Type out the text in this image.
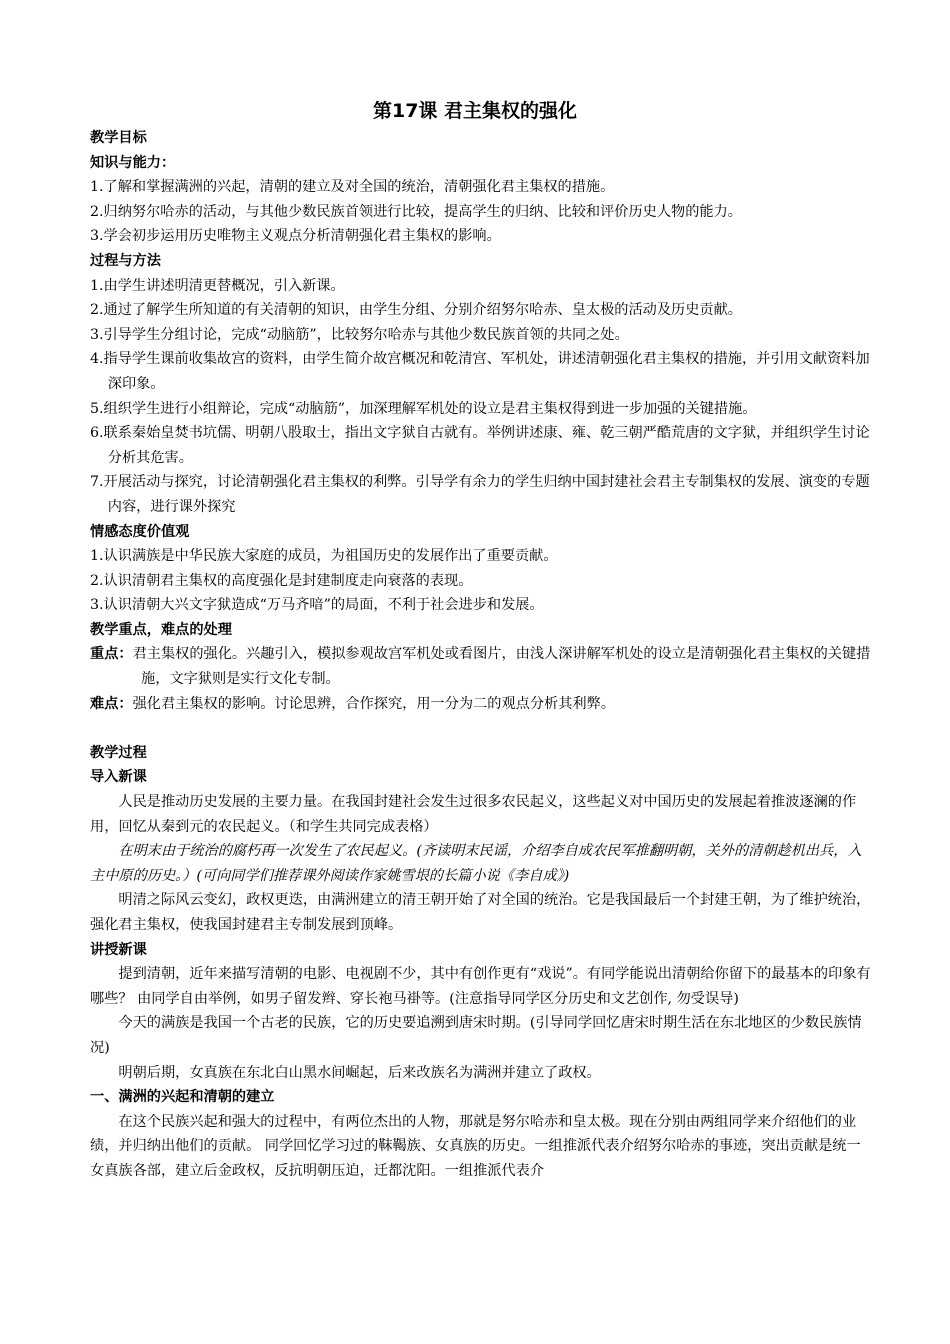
第17课 君主集权的强化
教学目标
知识与能力：
1.了解和掌握满洲的兴起，清朝的建立及对全国的统治，清朝强化君主集权的措施。
2.归纳努尔哈赤的活动，与其他少数民族首领进行比较，提高学生的归纳、比较和评价历史人物的能力。
3.学会初步运用历史唯物主义观点分析清朝强化君主集权的影响。
过程与方法
1.由学生讲述明清更替概况，引入新课。
2.通过了解学生所知道的有关清朝的知识，由学生分组、分别介绍努尔哈赤、皇太极的活动及历史贡献。
3.引导学生分组讨论，完成“动脑筋”，比较努尔哈赤与其他少数民族首领的共同之处。
4.指导学生课前收集故宫的资料，由学生简介故宫概况和乾清宫、军机处，讲述清朝强化君主集权的措施，并引用文献资料加深印象。
5.组织学生进行小组辩论，完成“动脑筋”，加深理解军机处的设立是君主集权得到进一步加强的关键措施。
6.联系秦始皇焚书坑儒、明朝八股取士，指出文字狱自古就有。举例讲述康、雍、乾三朝严酷荒唐的文字狱，并组织学生讨论分析其危害。
7.开展活动与探究，讨论清朝强化君主集权的利弊。引导学有余力的学生归纳中国封建社会君主专制集权的发展、演变的专题内容，进行课外探究
情感态度价值观
1.认识满族是中华民族大家庭的成员，为祖国历史的发展作出了重要贡献。
2.认识清朝君主集权的高度强化是封建制度走向衰落的表现。
3.认识清朝大兴文字狱造成“万马齐喑”的局面，不利于社会进步和发展。
教学重点，难点的处理
重点：君主集权的强化。兴趣引入，模拟参观故宫军机处或看图片，由浅人深讲解军机处的设立是清朝强化君主集权的关键措施，文字狱则是实行文化专制。
难点：强化君主集权的影响。讨论思辨，合作探究，用一分为二的观点分析其利弊。
教学过程
导入新课
人民是推动历史发展的主要力量。在我国封建社会发生过很多农民起义，这些起义对中国历史的发展起着推波逐澜的作用，回忆从秦到元的农民起义。（和学生共同完成表格）
在明末由于统治的腐朽再一次发生了农民起义。(齐读明末民谣，介绍李自成农民军推翻明朝，关外的清朝趁机出兵，入主中原的历史。）(可向同学们推荐课外阅读作家姚雪垠的长篇小说《李自成》)
明清之际风云变幻，政权更迭，由满洲建立的清王朝开始了对全国的统治。它是我国最后一个封建王朝，为了维护统治，强化君主集权，使我国封建君主专制发展到顶峰。
讲授新课
提到清朝，近年来描写清朝的电影、电视剧不少，其中有创作更有“戏说”。有同学能说出清朝给你留下的最基本的印象有哪些？ 由同学自由举例，如男子留发辫、穿长袍马褂等。(注意指导同学区分历史和文艺创作, 勿受误导)
今天的满族是我国一个古老的民族，它的历史要追溯到唐宋时期。(引导同学回忆唐宋时期生活在东北地区的少数民族情况)
明朝后期，女真族在东北白山黑水间崛起，后来改族名为满洲并建立了政权。
一、满洲的兴起和清朝的建立
在这个民族兴起和强大的过程中，有两位杰出的人物，那就是努尔哈赤和皇太极。现在分别由两组同学来介绍他们的业绩，并归纳出他们的贡献。 同学回忆学习过的靺鞨族、女真族的历史。一组推派代表介绍努尔哈赤的事迹，突出贡献是统一女真族各部，建立后金政权，反抗明朝压迫，迁都沈阳。一组推派代表介
